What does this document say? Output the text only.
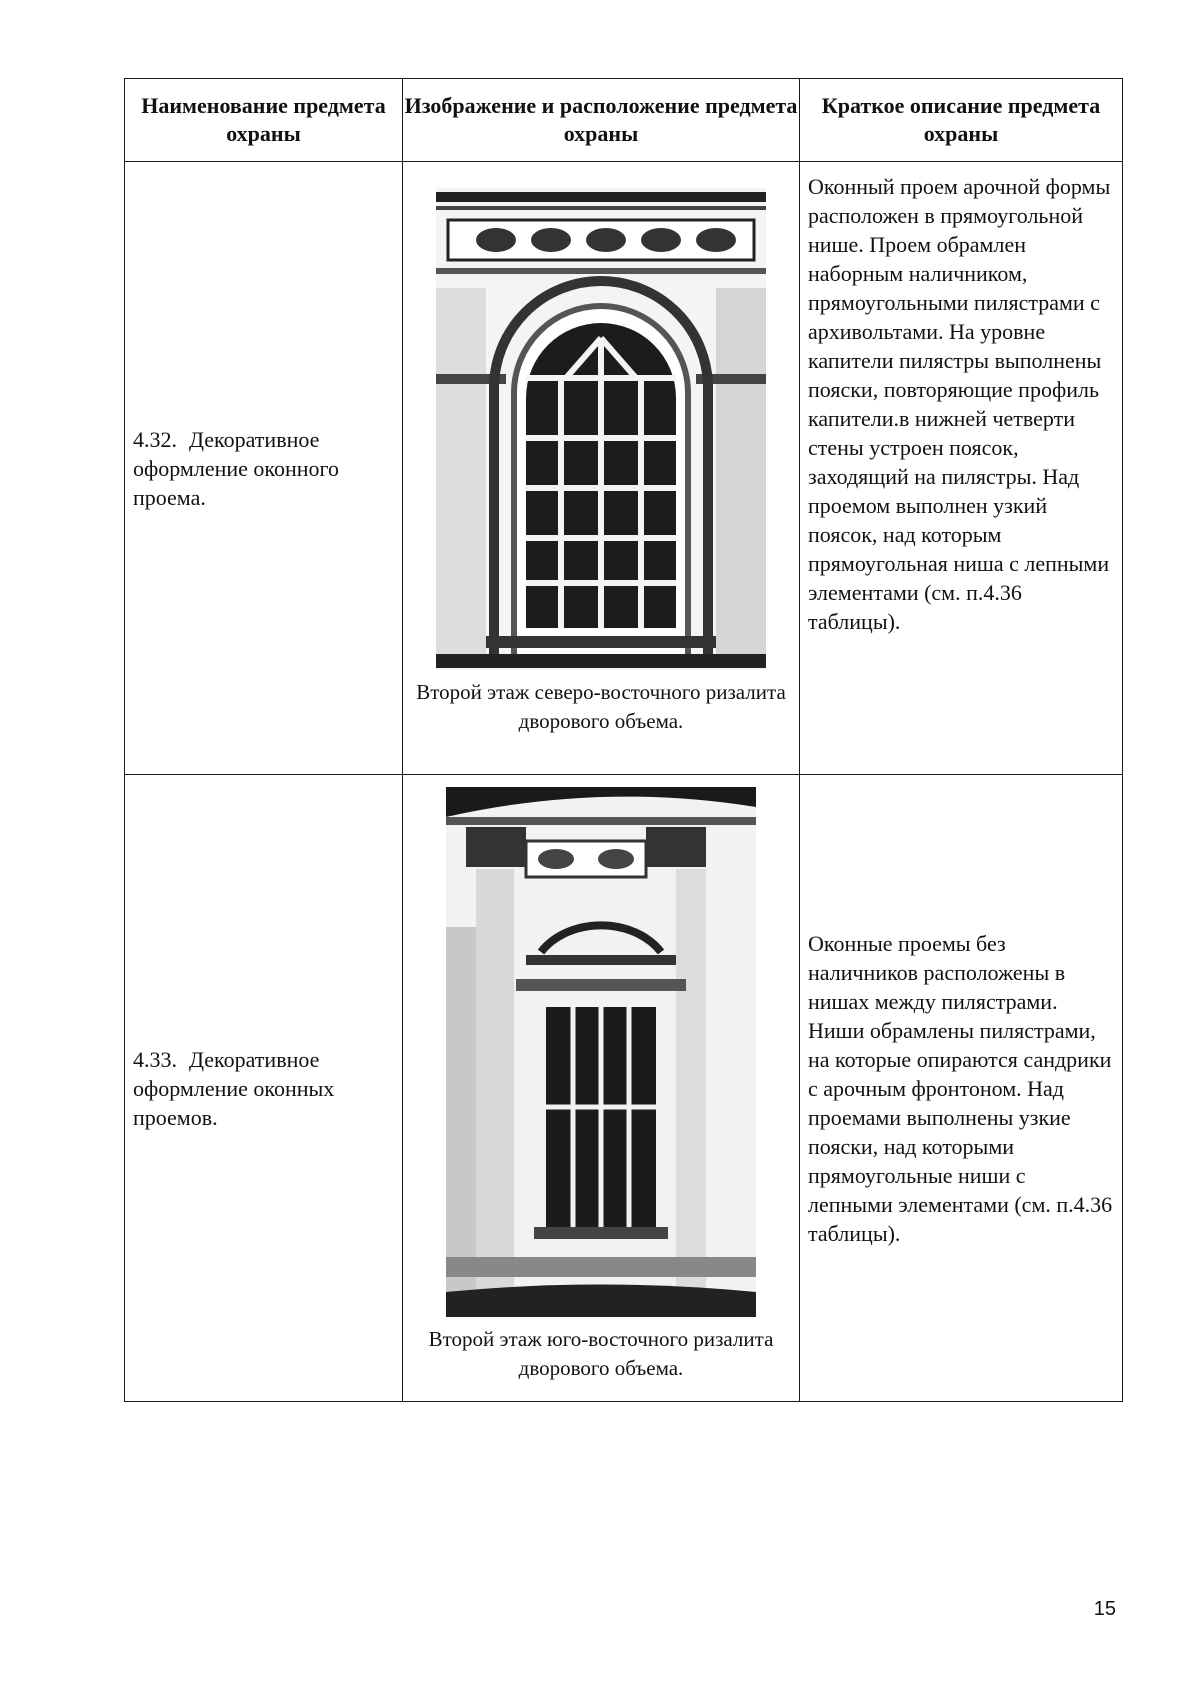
Наименование предмета охраны	Изображение и расположение предмета охраны	Краткое описание предмета охраны
4.32. Декоративное оформление оконного проема.	Второй этаж северо-восточного ризалита дворового объема.	Оконный проем арочной формы расположен в прямоугольной нише. Проем обрамлен наборным наличником, прямоугольными пилястрами с архивольтами. На уровне капители пилястры выполнены пояски, повторяющие профиль капители.в нижней четверти стены устроен поясок, заходящий на пилястры. Над проемом выполнен узкий поясок, над которым прямоугольная ниша с лепными элементами (см. п.4.36 таблицы).
4.33. Декоративное оформление оконных проемов.	Второй этаж юго-восточного ризалита дворового объема.	Оконные проемы без наличников расположены в нишах между пилястрами. Ниши обрамлены пилястрами, на которые опираются сандрики с арочным фронтоном. Над проемами выполнены узкие пояски, над которыми прямоугольные ниши с лепными элементами (см. п.4.36 таблицы).
15
